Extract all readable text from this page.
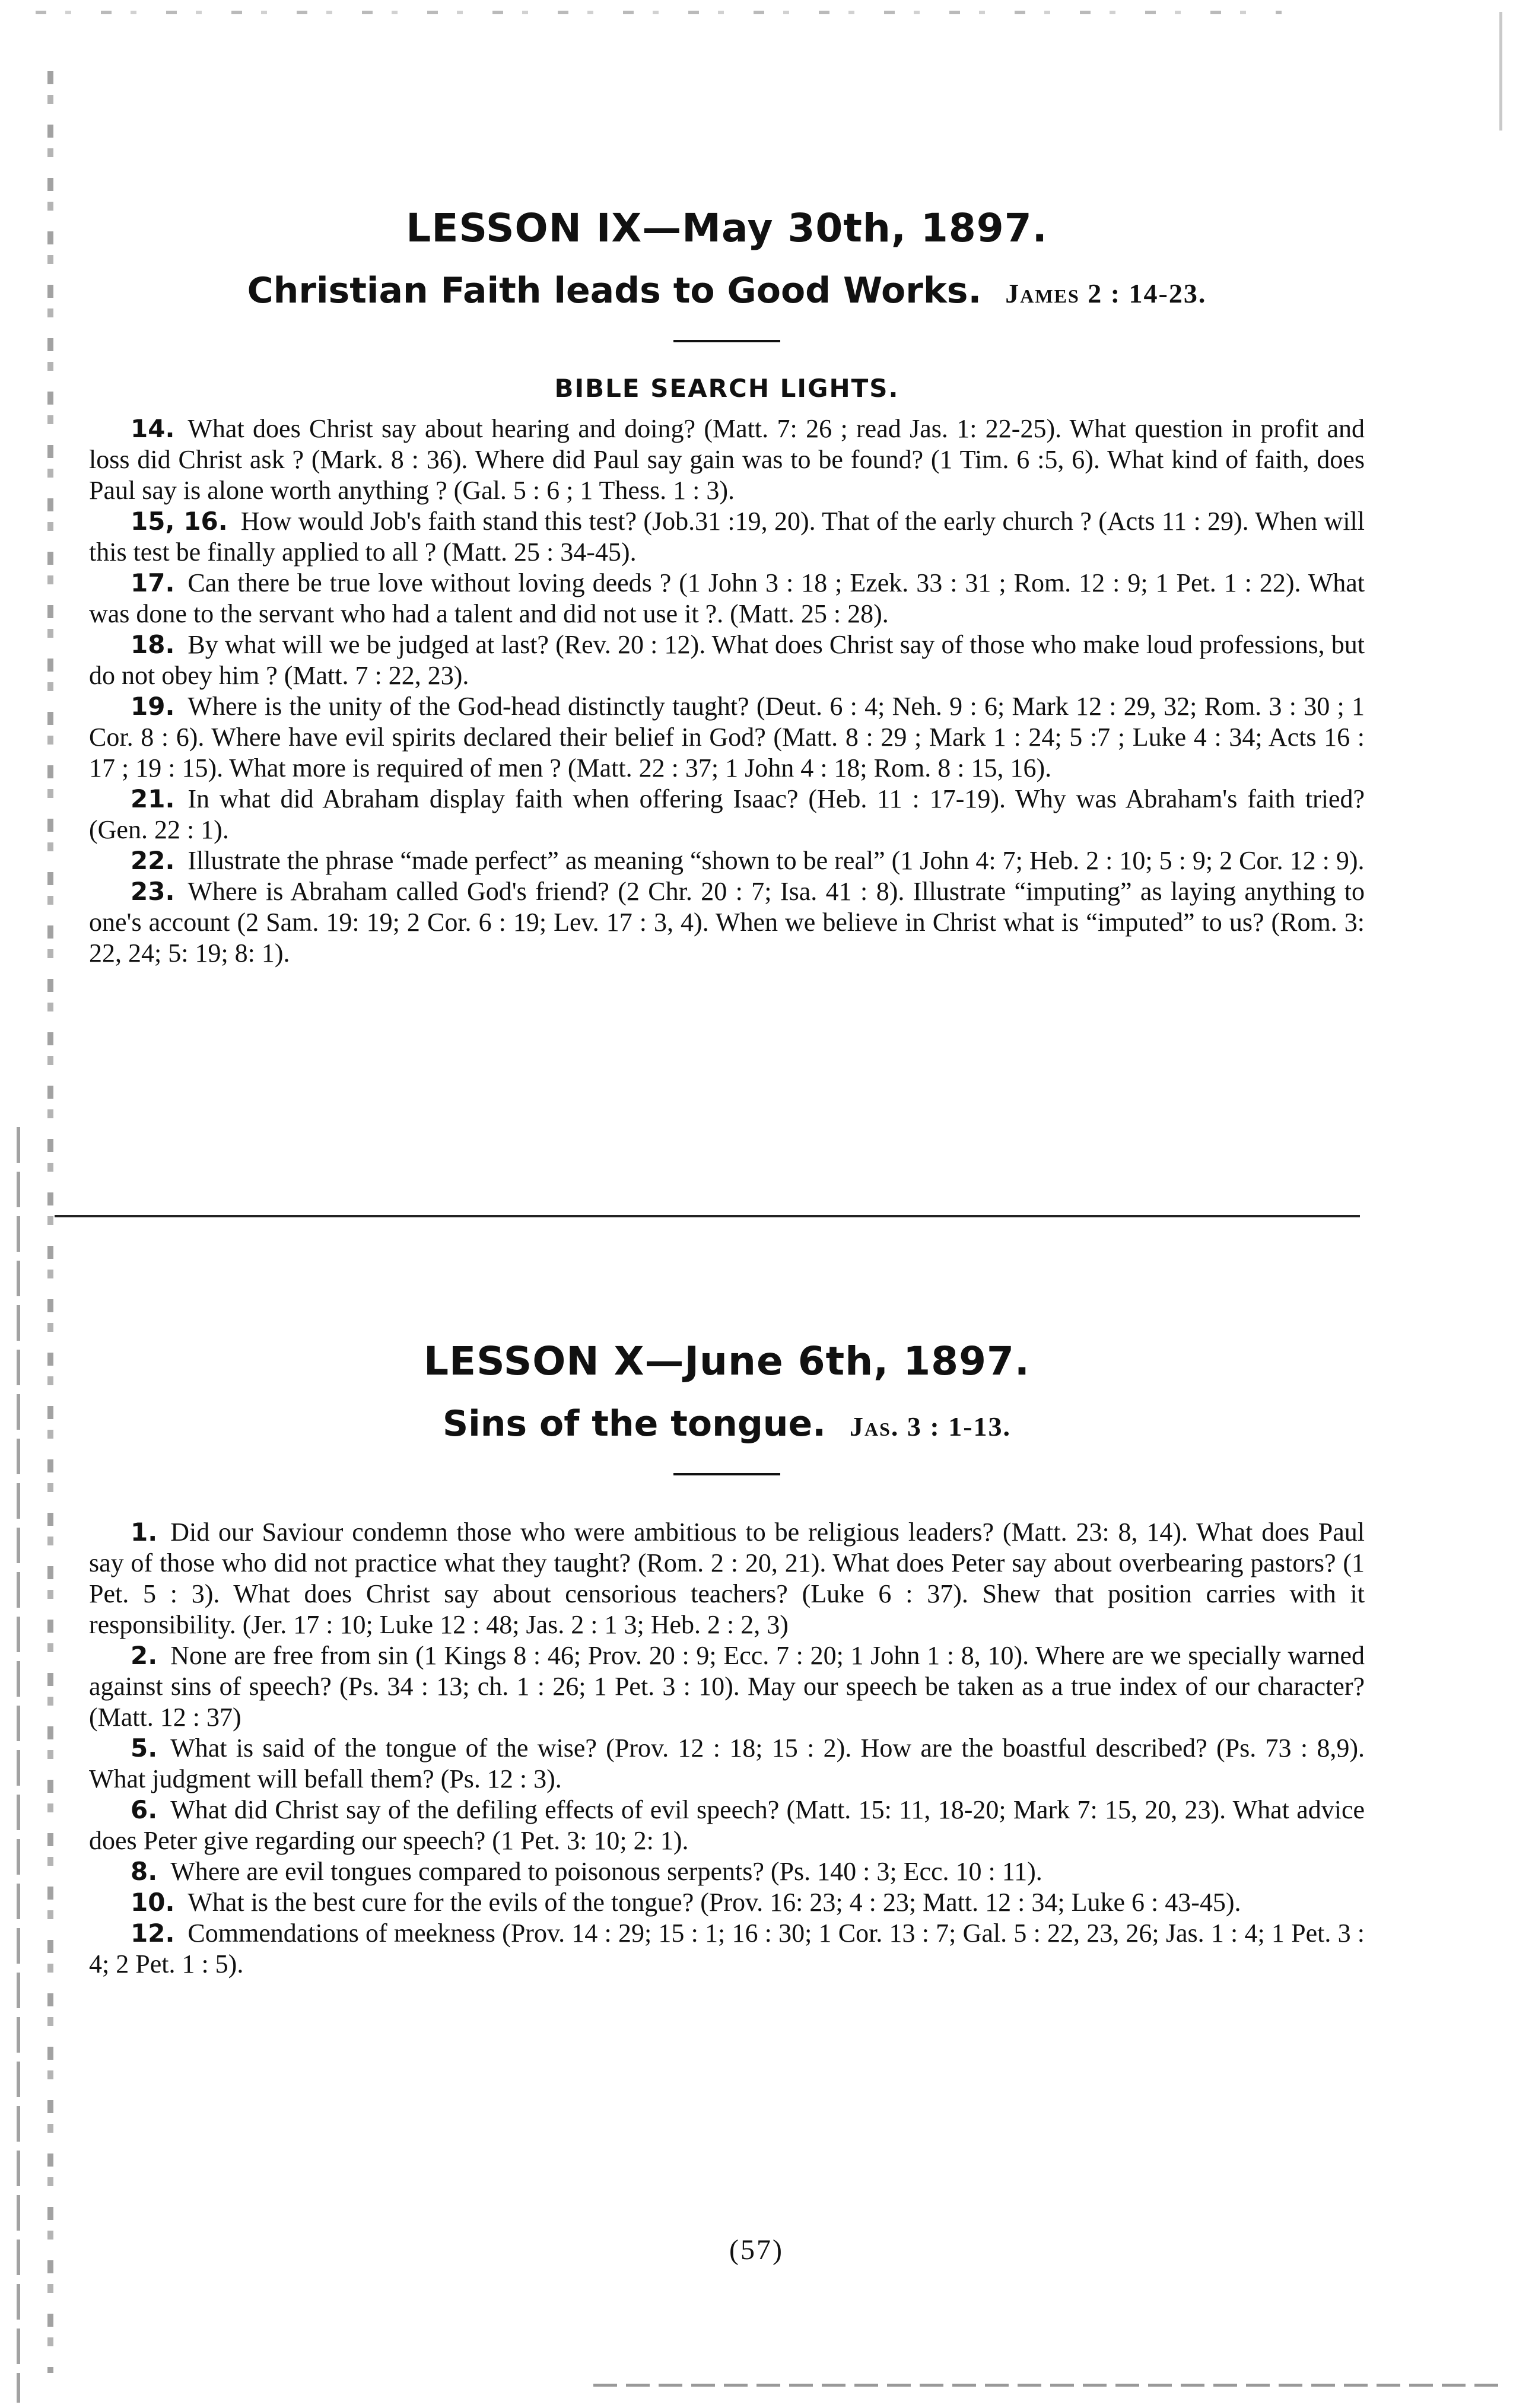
LESSON IX—May 30th, 1897.
Christian Faith leads to Good Works. James 2 : 14-23.
BIBLE SEARCH LIGHTS.

14. What does Christ say about hearing and doing? (Matt. 7: 26 ; read Jas. 1: 22-25). What question in profit and loss did Christ ask ? (Mark. 8 : 36). Where did Paul say gain was to be found? (1 Tim. 6 :5, 6). What kind of faith, does Paul say is alone worth anything ? (Gal. 5 : 6 ; 1 Thess. 1 : 3).

15, 16. How would Job's faith stand this test? (Job.31 :19, 20). That of the early church ? (Acts 11 : 29). When will this test be finally applied to all ? (Matt. 25 : 34-45).

17. Can there be true love without loving deeds ? (1 John 3 : 18 ; Ezek. 33 : 31 ; Rom. 12 : 9; 1 Pet. 1 : 22). What was done to the servant who had a talent and did not use it ?. (Matt. 25 : 28).

18. By what will we be judged at last? (Rev. 20 : 12). What does Christ say of those who make loud professions, but do not obey him ? (Matt. 7 : 22, 23).

19. Where is the unity of the God-head distinctly taught? (Deut. 6 : 4; Neh. 9 : 6; Mark 12 : 29, 32; Rom. 3 : 30 ; 1 Cor. 8 : 6). Where have evil spirits declared their belief in God? (Matt. 8 : 29 ; Mark 1 : 24; 5 :7 ; Luke 4 : 34; Acts 16 : 17 ; 19 : 15). What more is required of men ? (Matt. 22 : 37; 1 John 4 : 18; Rom. 8 : 15, 16).

21. In what did Abraham display faith when offering Isaac? (Heb. 11 : 17-19). Why was Abraham's faith tried? (Gen. 22 : 1).

22. Illustrate the phrase “made perfect” as meaning “shown to be real” (1 John 4: 7; Heb. 2 : 10; 5 : 9; 2 Cor. 12 : 9).

23. Where is Abraham called God's friend? (2 Chr. 20 : 7; Isa. 41 : 8). Illustrate “imputing” as laying anything to one's account (2 Sam. 19: 19; 2 Cor. 6 : 19; Lev. 17 : 3, 4). When we believe in Christ what is “imputed” to us? (Rom. 3: 22, 24; 5: 19; 8: 1).

LESSON X—June 6th, 1897.
Sins of the tongue. Jas. 3 : 1-13.

1. Did our Saviour condemn those who were ambitious to be religious leaders? (Matt. 23: 8, 14). What does Paul say of those who did not practice what they taught? (Rom. 2 : 20, 21). What does Peter say about overbearing pastors? (1 Pet. 5 : 3). What does Christ say about censorious teachers? (Luke 6 : 37). Shew that position carries with it responsibility. (Jer. 17 : 10; Luke 12 : 48; Jas. 2 : 1 3; Heb. 2 : 2, 3)

2. None are free from sin (1 Kings 8 : 46; Prov. 20 : 9; Ecc. 7 : 20; 1 John 1 : 8, 10). Where are we specially warned against sins of speech? (Ps. 34 : 13; ch. 1 : 26; 1 Pet. 3 : 10). May our speech be taken as a true index of our character? (Matt. 12 : 37)

5. What is said of the tongue of the wise? (Prov. 12 : 18; 15 : 2). How are the boastful described? (Ps. 73 : 8,9). What judgment will befall them? (Ps. 12 : 3).

6. What did Christ say of the defiling effects of evil speech? (Matt. 15: 11, 18-20; Mark 7: 15, 20, 23). What advice does Peter give regarding our speech? (1 Pet. 3: 10; 2: 1).

8. Where are evil tongues compared to poisonous serpents? (Ps. 140 : 3; Ecc. 10 : 11).

10. What is the best cure for the evils of the tongue? (Prov. 16: 23; 4 : 23; Matt. 12 : 34; Luke 6 : 43-45).

12. Commendations of meekness (Prov. 14 : 29; 15 : 1; 16 : 30; 1 Cor. 13 : 7; Gal. 5 : 22, 23, 26; Jas. 1 : 4; 1 Pet. 3 : 4; 2 Pet. 1 : 5).

(57)
